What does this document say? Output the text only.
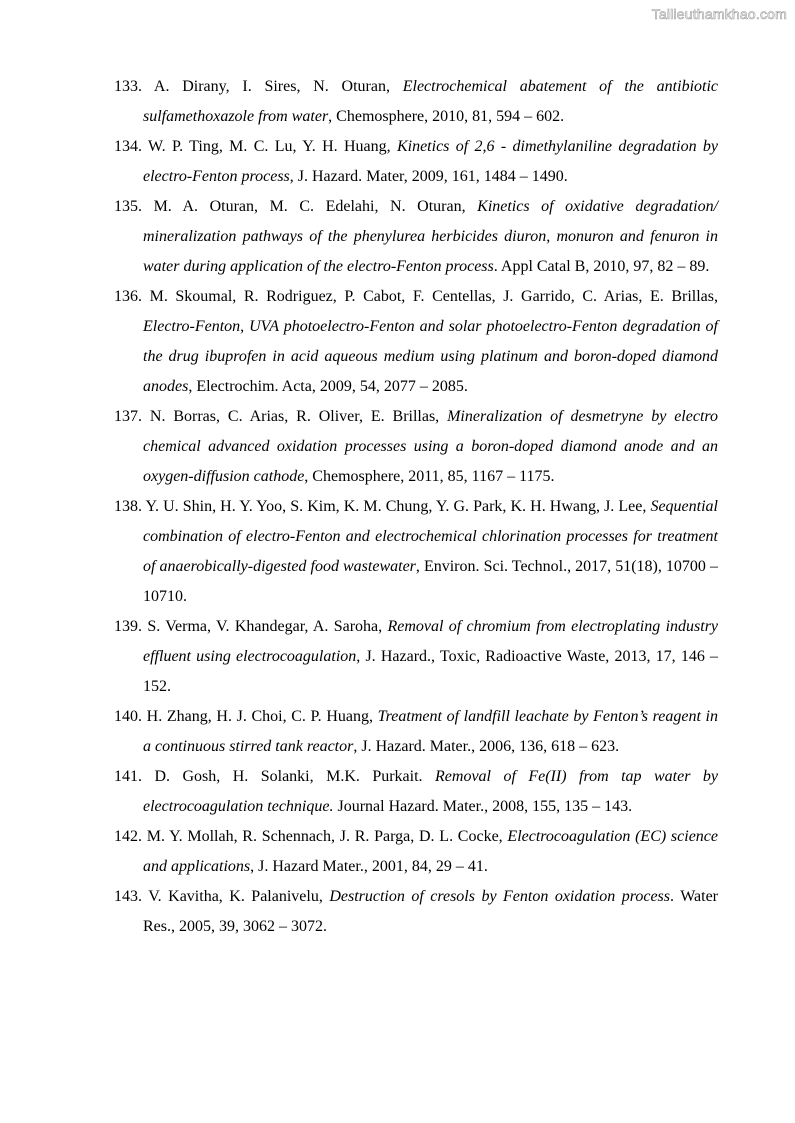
Tailieuthamkhao.com
133. A. Dirany, I. Sires, N. Oturan, Electrochemical abatement of the antibiotic sulfamethoxazole from water, Chemosphere, 2010, 81, 594 – 602.
134. W. P. Ting, M. C. Lu, Y. H. Huang, Kinetics of 2,6 - dimethylaniline degradation by electro-Fenton process, J. Hazard. Mater, 2009, 161, 1484 – 1490.
135. M. A. Oturan, M. C. Edelahi, N. Oturan, Kinetics of oxidative degradation/ mineralization pathways of the phenylurea herbicides diuron, monuron and fenuron in water during application of the electro-Fenton process. Appl Catal B, 2010, 97, 82 – 89.
136. M. Skoumal, R. Rodriguez, P. Cabot, F. Centellas, J. Garrido, C. Arias, E. Brillas, Electro-Fenton, UVA photoelectro-Fenton and solar photoelectro-Fenton degradation of the drug ibuprofen in acid aqueous medium using platinum and boron-doped diamond anodes, Electrochim. Acta, 2009, 54, 2077 – 2085.
137. N. Borras, C. Arias, R. Oliver, E. Brillas, Mineralization of desmetryne by electro chemical advanced oxidation processes using a boron-doped diamond anode and an oxygen-diffusion cathode, Chemosphere, 2011, 85, 1167 – 1175.
138. Y. U. Shin, H. Y. Yoo, S. Kim, K. M. Chung, Y. G. Park, K. H. Hwang, J. Lee, Sequential combination of electro-Fenton and electrochemical chlorination processes for treatment of anaerobically-digested food wastewater, Environ. Sci. Technol., 2017, 51(18), 10700 – 10710.
139. S. Verma, V. Khandegar, A. Saroha, Removal of chromium from electroplating industry effluent using electrocoagulation, J. Hazard., Toxic, Radioactive Waste, 2013, 17, 146 – 152.
140. H. Zhang, H. J. Choi, C. P. Huang, Treatment of landfill leachate by Fenton’s reagent in a continuous stirred tank reactor, J. Hazard. Mater., 2006, 136, 618 – 623.
141. D. Gosh, H. Solanki, M.K. Purkait. Removal of Fe(II) from tap water by electrocoagulation technique. Journal Hazard. Mater., 2008, 155, 135 – 143.
142. M. Y. Mollah, R. Schennach, J. R. Parga, D. L. Cocke, Electrocoagulation (EC) science and applications, J. Hazard Mater., 2001, 84, 29 – 41.
143. V. Kavitha, K. Palanivelu, Destruction of cresols by Fenton oxidation process. Water Res., 2005, 39, 3062 – 3072.
